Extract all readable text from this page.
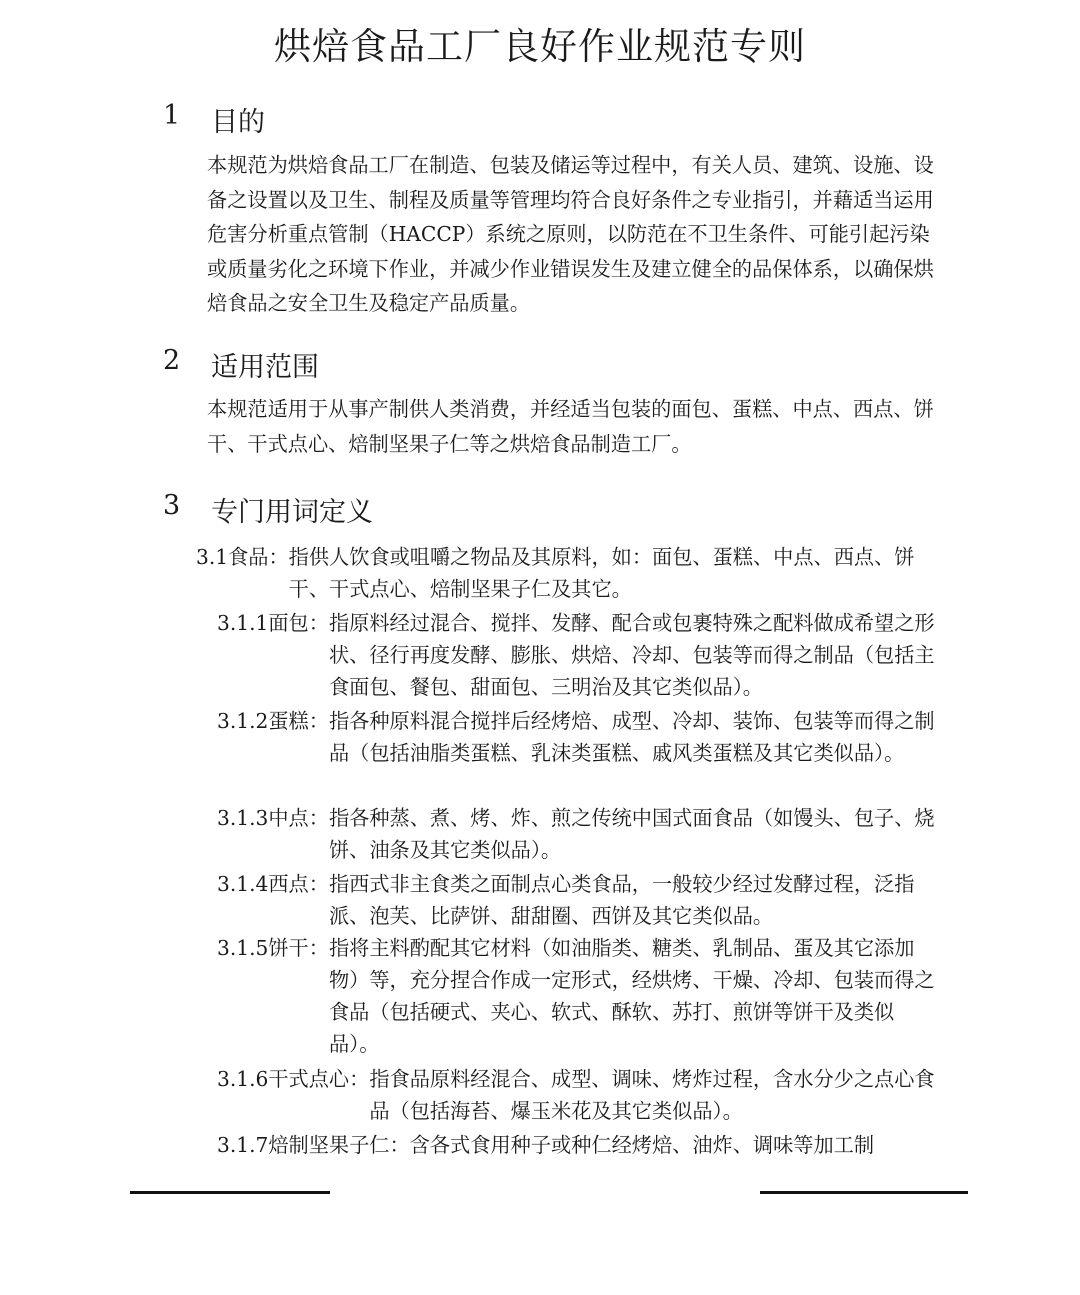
烘焙食品工厂良好作业规范专则
1	目的

本规范为烘焙食品工厂在制造、包装及储运等过程中，有关人员、建筑、设施、设备之设置以及卫生、制程及质量等管理均符合良好条件之专业指引，并藉适当运用危害分析重点管制（HACCP）系统之原则，以防范在不卫生条件、可能引起污染或质量劣化之环境下作业，并减少作业错误发生及建立健全的品保体系，以确保烘焙食品之安全卫生及稳定产品质量。

2	适用范围

本规范适用于从事产制供人类消费，并经适当包装的面包、蛋糕、中点、西点、饼干、干式点心、焙制坚果子仁等之烘焙食品制造工厂。

3	专门用词定义
3.1食品： 指供人饮食或咀嚼之物品及其原料，如：面包、蛋糕、中点、西点、饼干、干式点心、焙制坚果子仁及其它。
3.1.1面包： 指原料经过混合、搅拌、发酵、配合或包裹特殊之配料做成希望之形状、径行再度发酵、膨胀、烘焙、冷却、包装等而得之制品（包括主食面包、餐包、甜面包、三明治及其它类似品）。
3.1.2蛋糕： 指各种原料混合搅拌后经烤焙、成型、冷却、装饰、包装等而得之制品（包括油脂类蛋糕、乳沫类蛋糕、戚风类蛋糕及其它类似品）。
3.1.3中点： 指各种蒸、煮、烤、炸、煎之传统中国式面食品（如馒头、包子、烧饼、油条及其它类似品）。
3.1.4西点： 指西式非主食类之面制点心类食品，一般较少经过发酵过程，泛指派、泡芙、比萨饼、甜甜圈、西饼及其它类似品。
3.1.5饼干： 指将主料酌配其它材料（如油脂类、糖类、乳制品、蛋及其它添加物）等，充分捏合作成一定形式，经烘烤、干燥、冷却、包装而得之食品（包括硬式、夹心、软式、酥软、苏打、煎饼等饼干及类似品）。
3.1.6干式点心： 指食品原料经混合、成型、调味、烤炸过程，含水分少之点心食品（包括海苔、爆玉米花及其它类似品）。
3.1.7焙制坚果子仁： 含各式食用种子或种仁经烤焙、油炸、调味等加工制
